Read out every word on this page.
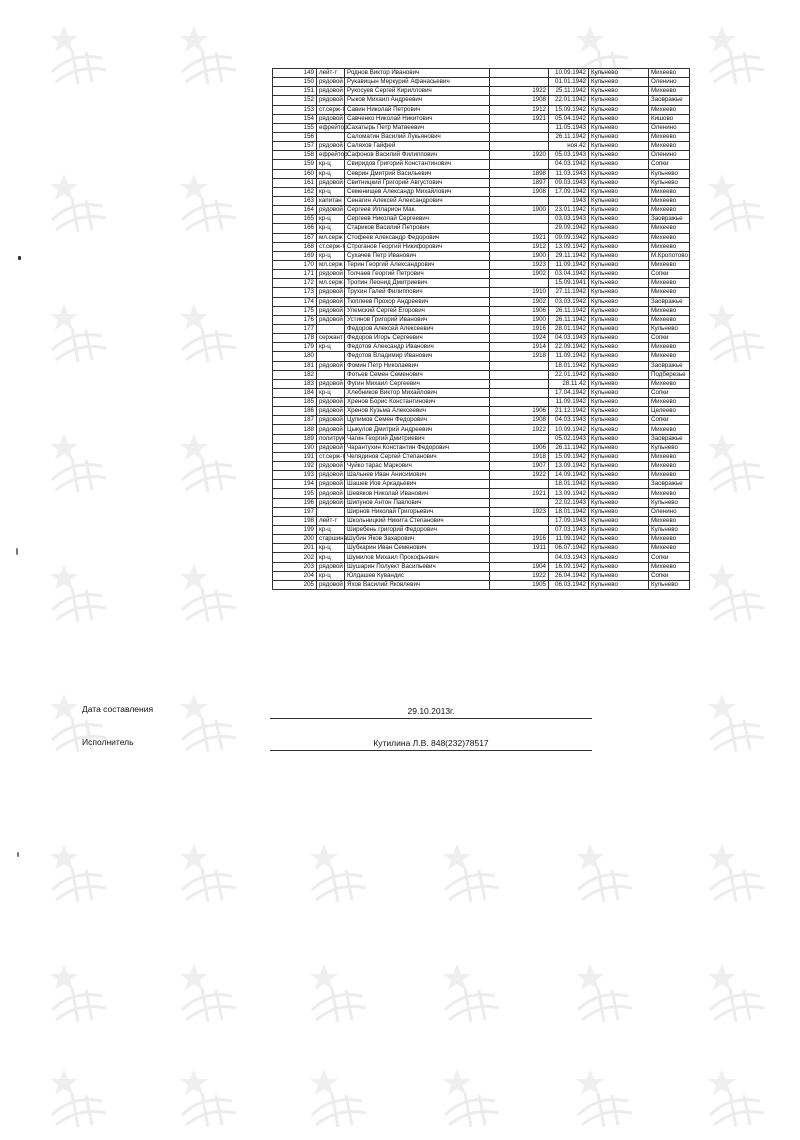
149	лейт-т	Роднов Виктор Иванович		10.09.1942	Кульнево	Михеево
150	рядовой	Рукавицын Меркурий Афанасьевич		01.01.1942	Кульнево	Оленино
151	рядовой	Рукосуев Сергей Кириллович	1922	25.11.1942	Кульнево	Михеево
152	рядовой	Рыков Михаил Андреевич	1908	22.01.1942	Кульнево	Заовражье
153	ст.серж-т	Савин Николай Петрович	1912	15.09.1942	Кульнево	Михеево
154	рядовой	Савченко Николай Никитович	1921	05.04.1942	Кульнево	Кишово
155	ефрейтор	Сахатырь Петр Матвеевич		11.05.1943	Кульнево	Оленино
156		Саломатин Василий Лукьянович		26.11.1942	Кульнево	Михеево
157	рядовой	Саляхов Гайфей		ноя.42	Кульнево	Михеево
158	ефрейтор	Сафонов Василий Филиппович	1920	05.03.1943	Кульнево	Оленино
159	кр-ц	Свиридов Григорий Константинович		04.03.1942	Кульнево	Сопки
160	кр-ц	Севрин Дмитрий Васильевич	1898	11.03.1943	Кульнево	Кульнево
161	рядовой	Свитницкий Григорий Августович	1897	09.03.1943	Кульнево	Кульнево
162	кр-ц	Семенищев Александр Михайлович	1908	17.09.1942	Кульнево	Михеево
163	капитан	Сенагин Алексей Александрович		1943	Кульнево	Михеево
164	рядовой	Сергеев Илларион Мак.	1900	23.01.1942	Кульнево	Михеево
165	кр-ц	Сергеев Николай Сергеевич		03.03.1943	Кульнево	Заовражье
166	кр-ц	Стариков Василий Петрович		29.09.1942	Кульнево	Михеево
167	мл.серж	Стофеев Александр Федорович	1921	09.09.1942	Кульнево	Михеево
168	ст.серж-т	Строганов Георгий Никифорович	1912	13.09.1942	Кульнево	Михеево
169	кр-ц	Сухачев Петр Иванович	1900	29.11.1942	Кульнево	М.Кропотово
170	мл.серж	Терин Георгий Александрович	1923	11.09.1942	Кульнево	Михеево
171	рядовой	Толчаев Георгий Петрович	1902	03.04.1942	Кульнево	Сопки
172	мл.серж	Тропин Леонид Дмитриевич		15.09.1941	Кульнево	Михеево
173	рядовой	Трухин Галей Филиппович	1910	27.11.1942	Кульнево	Михеево
174	рядовой	Тюплеев Прохор Андреевич	1902	03.03.1942	Кульнево	Заовражье
175	рядовой	Улемский Сергей Егорович	1906	26.11.1942	Кульнево	Михеево
176	рядовой	Устинов Григорий Иванович	1900	26.11.1942	Кульнево	Михеево
177		Федоров Алексей Алексеевич	1916	28.01.1942	Кульнево	Кульнево
178	сержант	Федоров Игорь Сергеевич	1924	04.03.1943	Кульнево	Сопки
179	кр-ц	Федотов Александр Иванович	1914	22.09.1942	Кульнево	Михеево
180		Федотов Владимир Иванович	1918	11.09.1942	Кульнево	Михеево
181	рядовой	Фомин Петр Николаевич		18.01.1942	Кульнево	Заовражье
182		Фотьев Семен Семенович		22.01.1942	Кульнево	Подберезье
183	рядовой	Фугин Михаил Сергеевич		28.11.42	Кульнево	Михеево
184	кр-ц	Хлебников Виктор Михайлович		17.04.1942	Кульнево	Сопки
185	рядовой	Хренов Борис Константинович		11.09.1942	Кульнево	Михеево
186	рядовой	Хренов Кузьма Алексеевич	1906	21.12.1942	Кульнево	Целеево
187	рядовой	Цулимов Семен Федорович	1908	04.03.1943	Кульнево	Сопки
188	рядовой	Цыкулов Дмитрий Андреевич	1922	10.09.1942	Кульнево	Михеево
189	политрук	Чагин Георгий Дмитриевич		05.02.1943	Кульнево	Заовражье
190	рядовой	Чарантухин Константин Федорович	1906	26.11.1942	Кульнево	Кульнево
191	ст.серж-т	Челядинов Сергей Степанович	1918	15.09.1942	Кульнево	Михеево
192	рядовой	Чуйко тарас Маркович	1907	13.09.1942	Кульнево	Михеево
193	рядовой	Шальнев Иван Анисимович	1922	14.09.1942	Кульнево	Михеево
194	рядовой	Шашев Иов Аркадьевич		18.01.1942	Кульнево	Заовражье
195	рядовой	Шевяков Николай Иванович	1921	13.09.1942	Кульнево	Михеево
196	рядовой	Шипунов Антон Павлович		22.02.1943	Кульнево	Кульнево
197		Ширнов Николай Григорьевич	1923	18.01.1942	Кульнево	Оленино
198	лейт-т	Школьницкий Никита Степанович		17.09.1943	Кульнево	Михеево
199	кр-ц	Ширебень григорий Федорович		07.03.1943	Кульнево	Кульнево
200	старшина	Шубин Яков Захарович	1916	11.09.1942	Кульнево	Михеево
201	кр-ц	Шубкарин Иван Семенович	1911	06.07.1942	Кульнево	Михеево
202	кр-ц	Шумилов Михаил Прокофьевич		04.03.1943	Кульнево	Сопки
203	рядовой	Шушарин Полуект Васильевич	1904	16.09.1942	Кульнево	Михеево
204	кр-ц	Юлдашев Кувандис	1922	26.04.1942	Кульнево	Сопки
205	рядовой	Яхов Василий Яковлевич	1905	06.03.1942	Кульнево	Кульнево
Дата составления	29.10.2013г.
Исполнитель	Кутилина Л.В. 848(232)78517
